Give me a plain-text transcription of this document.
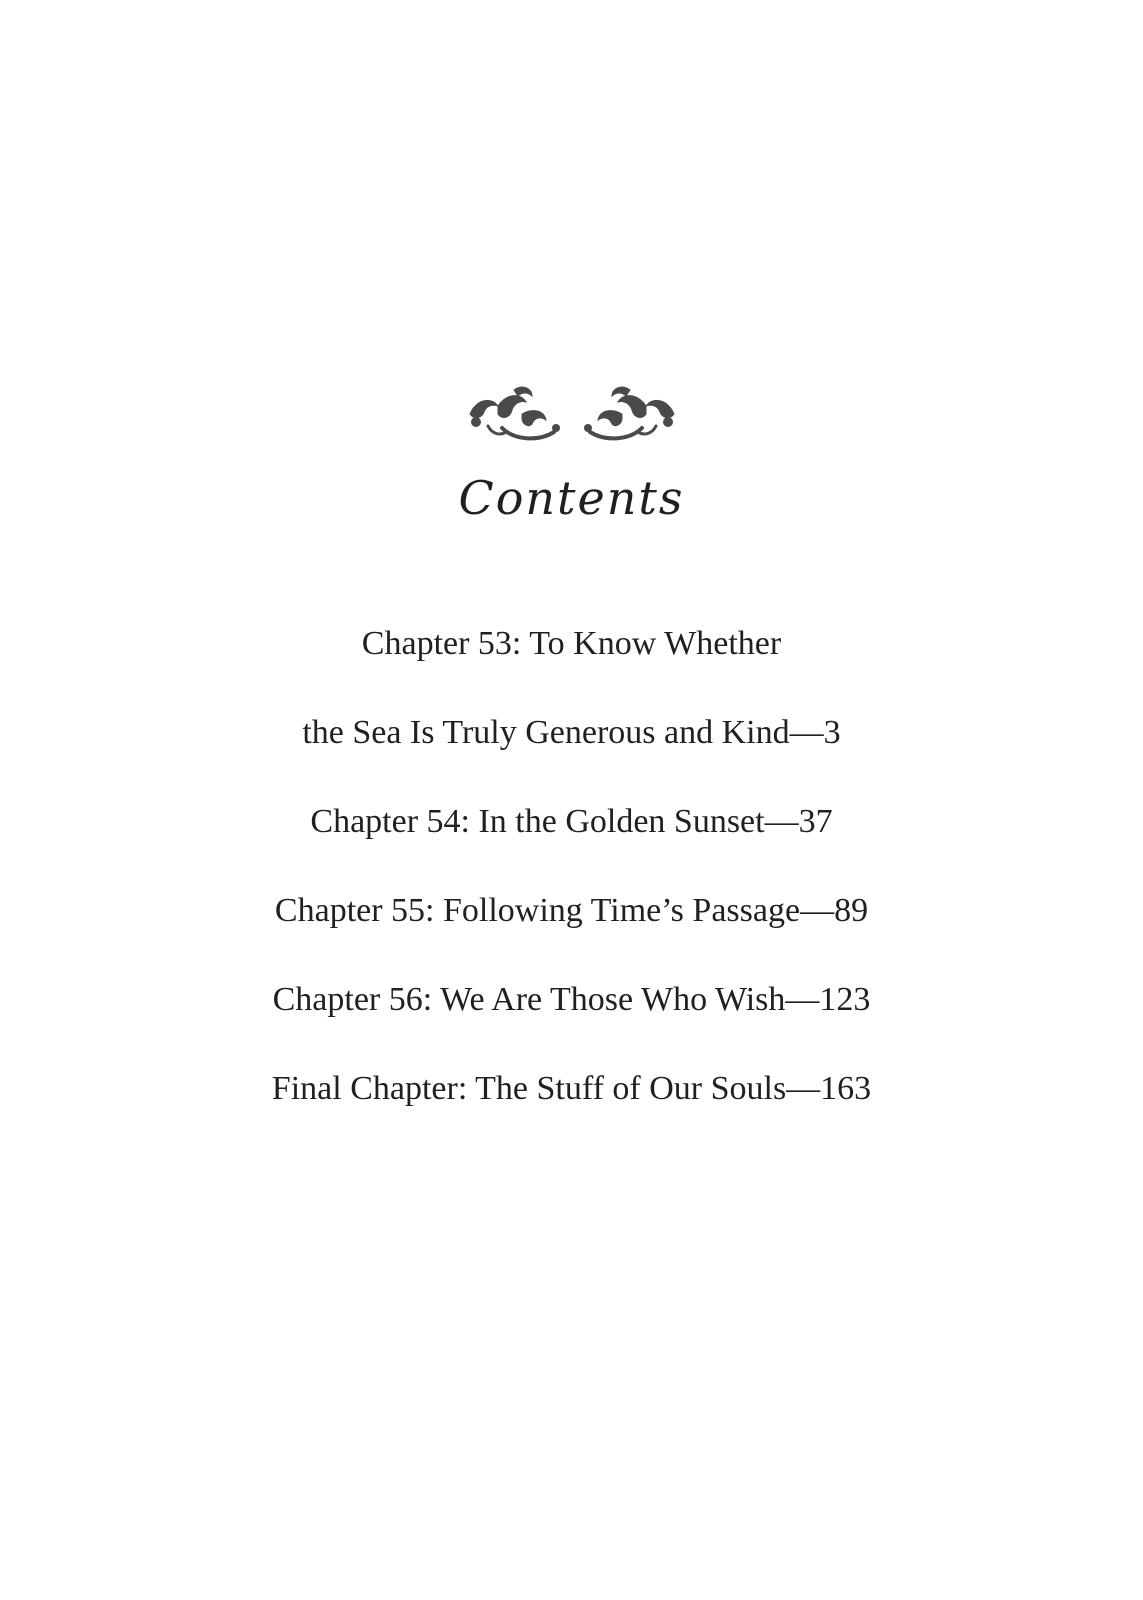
Contents
Chapter 53: To Know Whether
the Sea Is Truly Generous and Kind—3
Chapter 54: In the Golden Sunset—37
Chapter 55: Following Time’s Passage—89
Chapter 56: We Are Those Who Wish—123
Final Chapter: The Stuff of Our Souls—163
